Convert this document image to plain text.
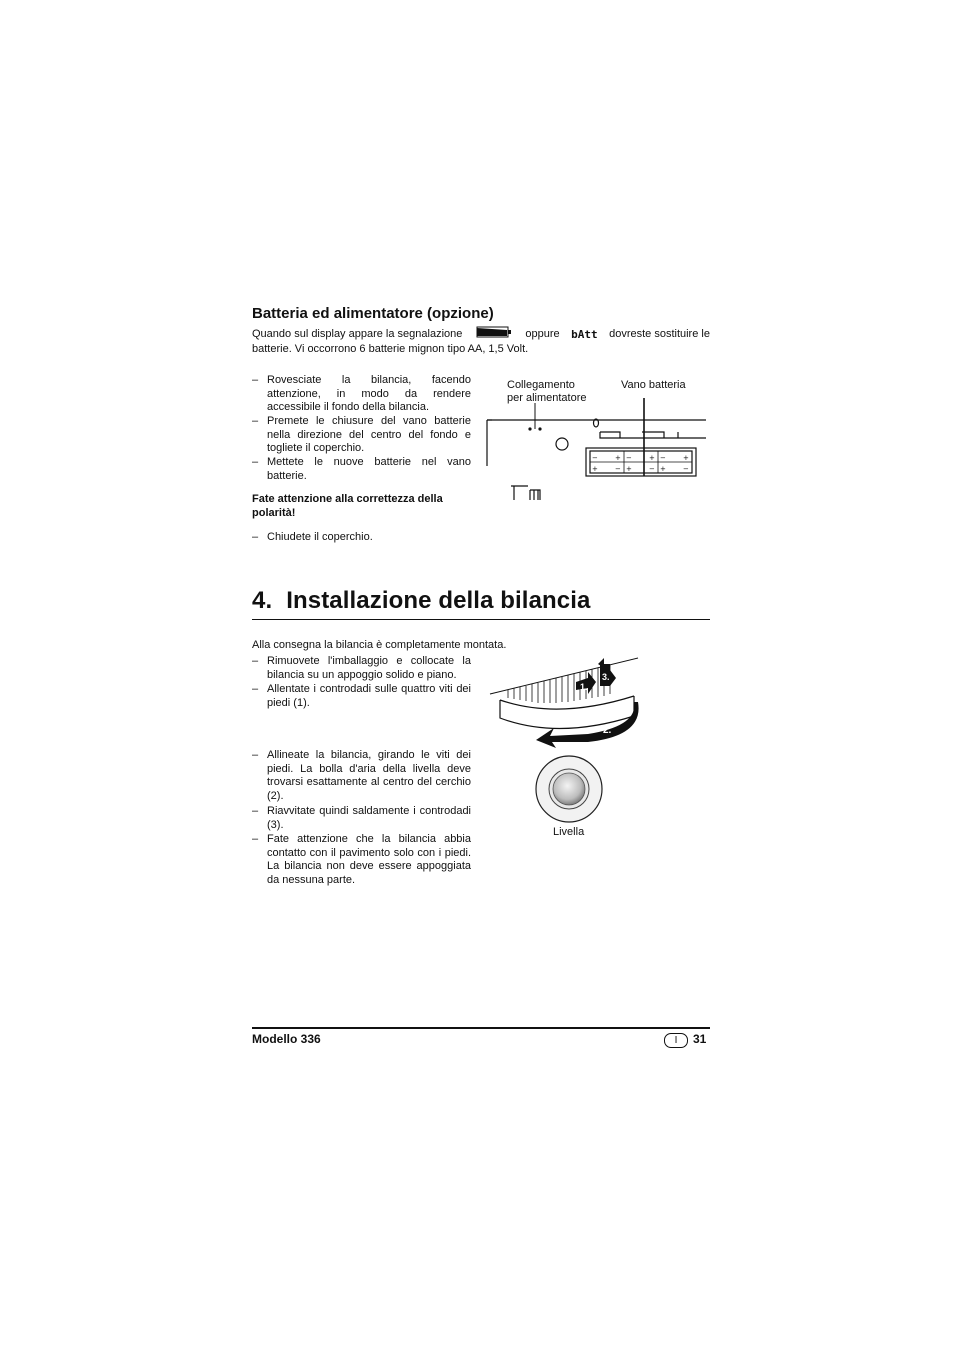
Batteria ed alimentatore (opzione)
Quando sul display appare la segnalazione	oppure bAtt dovreste sostituire le
batterie. Vi occorrono 6 batterie mignon tipo AA, 1,5 Volt.
– Rovesciate la bilancia, facendo attenzione, in modo da rendere accessibile il fondo della bilancia.
– Premete le chiusure del vano batterie nella direzione del centro del fondo e togliete il coperchio.
– Mettete le nuove batterie nel vano batterie.
Fate attenzione alla correttezza della polarità!
– Chiudete il coperchio.
Collegamento
per alimentatore
Vano batteria
− + − + − +
+ − + − + −
4. Installazione della bilancia
Alla consegna la bilancia è completamente montata.
– Rimuovete l'imballaggio e collocate la bilancia su un appoggio solido e piano.
– Allentate i controdadi sulle quattro viti dei piedi (1).
– Allineate la bilancia, girando le viti dei piedi. La bolla d'aria della livella deve trovarsi esattamente al centro del cerchio (2).
– Riavvitate quindi saldamente i controdadi (3).
– Fate attenzione che la bilancia abbia contatto con il pavimento solo con i piedi. La bilancia non deve essere appoggiata da nessuna parte.
1.
3.
2.
Livella
Modello 336	I	31
